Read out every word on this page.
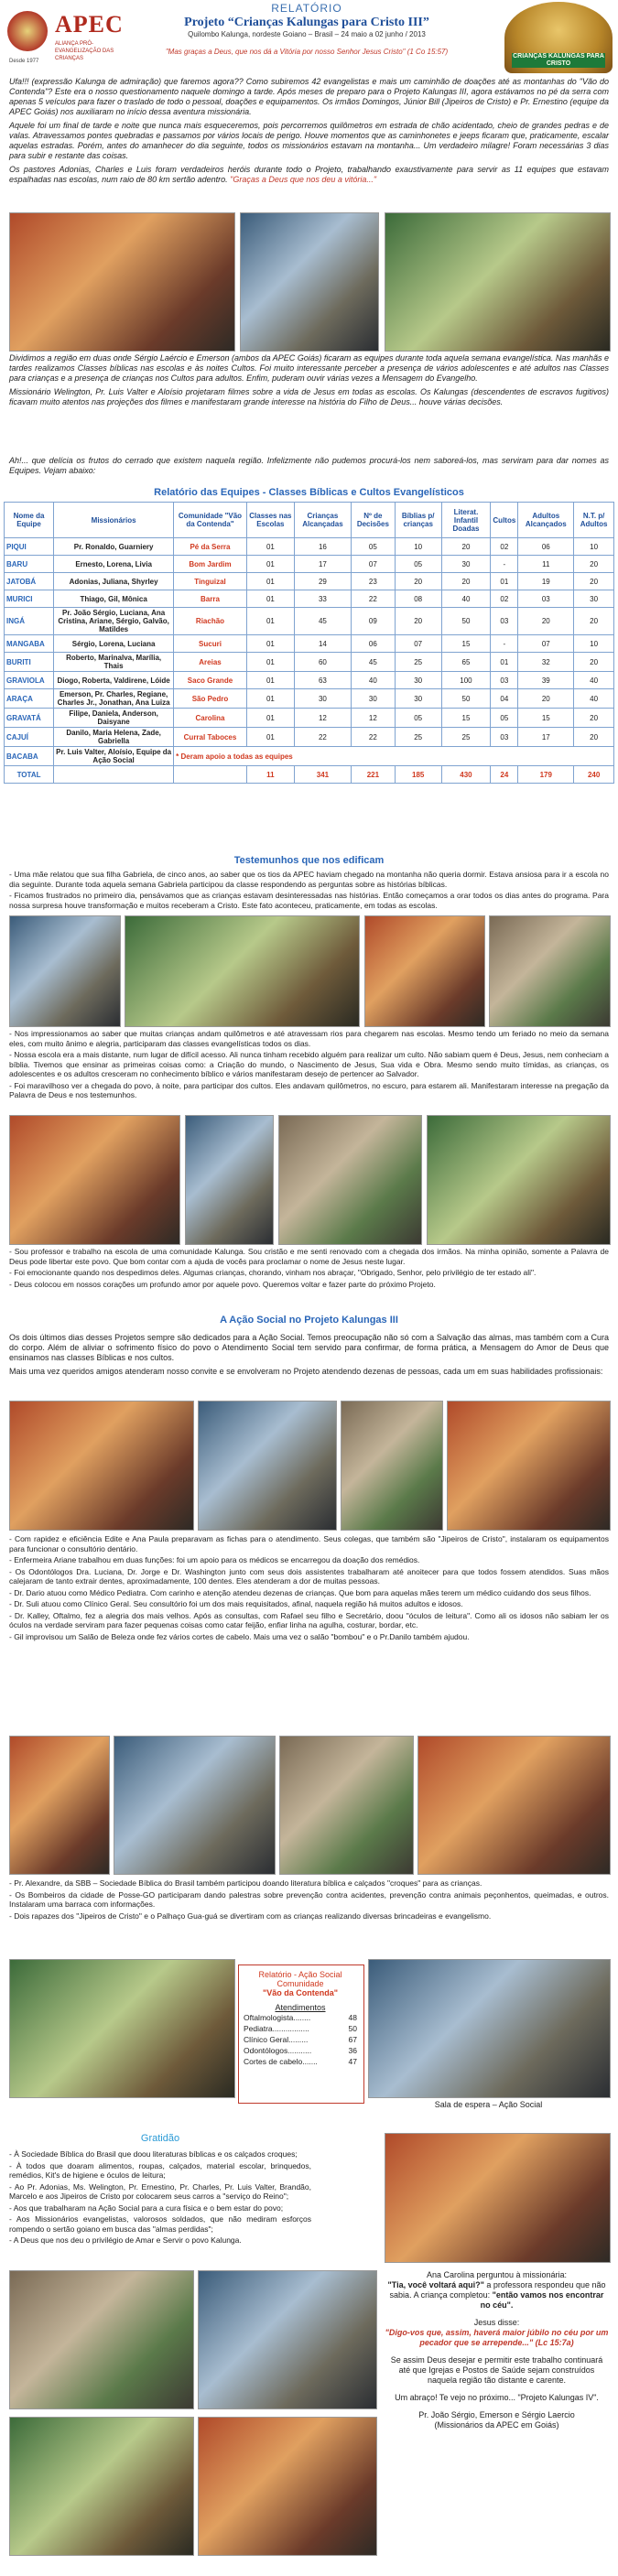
APEC
ALIANÇA PRÓ-EVANGELIZAÇÃO DAS CRIANÇAS
Desde 1977
RELATÓRIO
Projeto “Crianças Kalungas para Cristo III”
Quilombo Kalunga, nordeste Goiano – Brasil – 24 maio a 02 junho / 2013
"Mas graças a Deus, que nos dá a Vitória por nosso Senhor Jesus Cristo" (1 Co 15:57)
CRIANÇAS KALUNGAS PARA CRISTO

Ufa!!! (expressão Kalunga de admiração) que faremos agora?? Como subiremos 42 evangelistas e mais um caminhão de doações até as montanhas do "Vão do Contenda"? Este era o nosso questionamento naquele domingo a tarde. Após meses de preparo para o Projeto Kalungas III, agora estávamos no pé da serra com apenas 5 veículos para fazer o traslado de todo o pessoal, doações e equipamentos. Os irmãos Domingos, Júnior Bill (Jipeiros de Cristo) e Pr. Ernestino (equipe da APEC Goiás) nos auxiliaram no início dessa aventura missionária.

Aquele foi um final de tarde e noite que nunca mais esqueceremos, pois percorremos quilômetros em estrada de chão acidentado, cheio de grandes pedras e de valas. Atravessamos pontes quebradas e passamos por vários locais de perigo. Houve momentos que as caminhonetes e jeeps ficaram que, praticamente, escalar aquelas estradas. Porém, antes do amanhecer do dia seguinte, todos os missionários estavam na montanha... Um verdadeiro milagre! Foram necessárias 3 dias para subir e restante das coisas.

Os pastores Adonias, Charles e Luis foram verdadeiros heróis durante todo o Projeto, trabalhando exaustivamente para servir as 11 equipes que estavam espalhadas nas escolas, num raio de 80 km sertão adentro. "Graças a Deus que nos deu a vitória..."

Dividimos a região em duas onde Sérgio Laércio e Emerson (ambos da APEC Goiás) ficaram as equipes durante toda aquela semana evangelística. Nas manhãs e tardes realizamos Classes bíblicas nas escolas e às noites Cultos. Foi muito interessante perceber a presença de vários adolescentes e até adultos nas Classes para crianças e a presença de crianças nos Cultos para adultos. Enfim, puderam ouvir várias vezes a Mensagem do Evangelho.

Missionário Welington, Pr. Luis Valter e Aloísio projetaram filmes sobre a vida de Jesus em todas as escolas. Os Kalungas (descendentes de escravos fugitivos) ficavam muito atentos nas projeções dos filmes e manifestaram grande interesse na história do Filho de Deus... houve várias decisões.

Ah!... que delícia os frutos do cerrado que existem naquela região. Infelizmente não pudemos procurá-los nem saboreá-los, mas serviram para dar nomes as Equipes. Vejam abaixo:

Relatório das Equipes - Classes Bíblicas e Cultos Evangelísticos
Nome da Equipe	Missionários	Comunidade "Vão da Contenda"	Classes nas Escolas	Crianças Alcançadas	Nº de Decisões	Bíblias p/ crianças	Literat. Infantil Doadas	Cultos	Adultos Alcançados	N.T. p/ Adultos
PIQUI	Pr. Ronaldo, Guarniery	Pé da Serra	01	16	05	10	20	02	06	10
BARU	Ernesto, Lorena, Livia	Bom Jardim	01	17	07	05	30	-	11	20
JATOBÁ	Adonias, Juliana, Shyrley	Tinguizal	01	29	23	20	20	01	19	20
MURICI	Thiago, Gil, Mônica	Barra	01	33	22	08	40	02	03	30
INGÁ	Pr. João Sérgio, Luciana, Ana Cristina, Ariane, Sérgio, Galvão, Matildes	Riachão	01	45	09	20	50	03	20	20
MANGABA	Sérgio, Lorena, Luciana	Sucuri	01	14	06	07	15	-	07	10
BURITI	Roberto, Marinalva, Marília, Thais	Areias	01	60	45	25	65	01	32	20
GRAVIOLA	Diogo, Roberta, Valdirene, Lóide	Saco Grande	01	63	40	30	100	03	39	40
ARAÇA	Emerson, Pr. Charles, Regiane, Charles Jr., Jonathan, Ana Luiza	São Pedro	01	30	30	30	50	04	20	40
GRAVATÁ	Filipe, Daniela, Anderson, Daisyane	Carolina	01	12	12	05	15	05	15	20
CAJUÍ	Danilo, Maria Helena, Zade, Gabriella	Curral Taboces	01	22	22	25	25	03	17	20
BACABA	Pr. Luis Valter, Aloísio, Equipe da Ação Social	* Deram apoio a todas as equipes								
TOTAL			11	341	221	185	430	24	179	240
Testemunhos que nos edificam
- Uma mãe relatou que sua filha Gabriela, de cinco anos, ao saber que os tios da APEC haviam chegado na montanha não queria dormir. Estava ansiosa para ir a escola no dia seguinte. Durante toda aquela semana Gabriela participou da classe respondendo as perguntas sobre as histórias bíblicas.
- Ficamos frustrados no primeiro dia, pensávamos que as crianças estavam desinteressadas nas histórias. Então começamos a orar todos os dias antes do programa. Para nossa surpresa houve transformação e muitos receberam a Cristo. Este fato aconteceu, praticamente, em todas as escolas.
- Nos impressionamos ao saber que muitas crianças andam quilômetros e até atravessam rios para chegarem nas escolas. Mesmo tendo um feriado no meio da semana eles, com muito ânimo e alegria, participaram das classes evangelísticas todos os dias.
- Nossa escola era a mais distante, num lugar de difícil acesso. Ali nunca tinham recebido alguém para realizar um culto. Não sabiam quem é Deus, Jesus, nem conheciam a bíblia. Tivemos que ensinar as primeiras coisas como: a Criação do mundo, o Nascimento de Jesus, Sua vida e Obra. Mesmo sendo muito tímidas, as crianças, os adolescentes e os adultos cresceram no conhecimento bíblico e vários manifestaram desejo de pertencer ao Salvador.
- Foi maravilhoso ver a chegada do povo, à noite, para participar dos cultos. Eles andavam quilômetros, no escuro, para estarem ali. Manifestaram interesse na pregação da Palavra de Deus e nos testemunhos.
- Sou professor e trabalho na escola de uma comunidade Kalunga. Sou cristão e me senti renovado com a chegada dos irmãos. Na minha opinião, somente a Palavra de Deus pode libertar este povo. Que bom contar com a ajuda de vocês para proclamar o nome de Jesus neste lugar.
- Foi emocionante quando nos despedimos deles. Algumas crianças, chorando, vinham nos abraçar, "Obrigado, Senhor, pelo privilégio de ter estado ali".
- Deus colocou em nossos corações um profundo amor por aquele povo. Queremos voltar e fazer parte do próximo Projeto.
A Ação Social no Projeto Kalungas III

Os dois últimos dias desses Projetos sempre são dedicados para a Ação Social. Temos preocupação não só com a Salvação das almas, mas também com a Cura do corpo. Além de aliviar o sofrimento físico do povo o Atendimento Social tem servido para confirmar, de forma prática, a Mensagem do Amor de Deus que ensinamos nas classes Bíblicas e nos cultos.

Mais uma vez queridos amigos atenderam nosso convite e se envolveram no Projeto atendendo dezenas de pessoas, cada um em suas habilidades profissionais:

- Com rapidez e eficiência Edite e Ana Paula preparavam as fichas para o atendimento. Seus colegas, que também são "Jipeiros de Cristo", instalaram os equipamentos para funcionar o consultório dentário.
- Enfermeira Ariane trabalhou em duas funções: foi um apoio para os médicos se encarregou da doação dos remédios.
- Os Odontólogos Dra. Luciana, Dr. Jorge e Dr. Washington junto com seus dois assistentes trabalharam até anoitecer para que todos fossem atendidos. Suas mãos calejaram de tanto extrair dentes, aproximadamente, 100 dentes. Eles atenderam a dor de muitas pessoas.
- Dr. Dario atuou como Médico Pediatra. Com carinho e atenção atendeu dezenas de crianças. Que bom para aquelas mães terem um médico cuidando dos seus filhos.
- Dr. Suli atuou como Clínico Geral. Seu consultório foi um dos mais requisitados, afinal, naquela região há muitos adultos e idosos.
- Dr. Kalley, Oftalmo, fez a alegria dos mais velhos. Após as consultas, com Rafael seu filho e Secretário, doou "óculos de leitura". Como ali os idosos não sabiam ler os óculos na verdade serviram para fazer pequenas coisas como catar feijão, enfiar linha na agulha, costurar, bordar, etc.
- Gil improvisou um Salão de Beleza onde fez vários cortes de cabelo. Mais uma vez o salão "bombou" e o Pr.Danilo também ajudou.
- Pr. Alexandre, da SBB – Sociedade Bíblica do Brasil também participou doando literatura bíblica e calçados "croques" para as crianças.
- Os Bombeiros da cidade de Posse-GO participaram dando palestras sobre prevenção contra acidentes, prevenção contra animais peçonhentos, queimadas, e outros. Instalaram uma barraca com informações.
- Dois rapazes dos "Jipeiros de Cristo" e o Palhaço Gua-guá se divertiram com as crianças realizando diversas brincadeiras e evangelismo.
Relatório - Ação Social
Comunidade
"Vão da Contenda"
Atendimentos
Oftalmologista........	48
Pediatra.................	50
Clínico Geral.........	67
Odontólogos...........	36
Cortes de cabelo.......	47
Sala de espera – Ação Social
Gratidão
- À Sociedade Bíblica do Brasil que doou literaturas bíblicas e os calçados croques;
- À todos que doaram alimentos, roupas, calçados, material escolar, brinquedos, remédios, Kit's de higiene e óculos de leitura;
- Ao Pr. Adonias, Ms. Welington, Pr. Ernestino, Pr. Charles, Pr. Luis Valter, Brandão, Marcelo e aos Jipeiros de Cristo por colocarem seus carros a "serviço do Reino";
- Aos que trabalharam na Ação Social para a cura física e o bem estar do povo;
- Aos Missionários evangelistas, valorosos soldados, que não mediram esforços rompendo o sertão goiano em busca das "almas perdidas";
- A Deus que nos deu o privilégio de Amar e Servir o povo Kalunga.
Ana Carolina perguntou à missionária:
"Tia, você voltará aqui?" a professora respondeu que não sabia. A criança completou: "então vamos nos encontrar no céu".
Jesus disse:
"Digo-vos que, assim, haverá maior júbilo no céu por um pecador que se arrepende..." (Lc 15:7a)
Se assim Deus desejar e permitir este trabalho continuará até que Igrejas e Postos de Saúde sejam construídos naquela região tão distante e carente.
Um abraço! Te vejo no próximo... "Projeto Kalungas IV".
Pr. João Sérgio, Emerson e Sérgio Laercio
(Missionários da APEC em Goiás)
